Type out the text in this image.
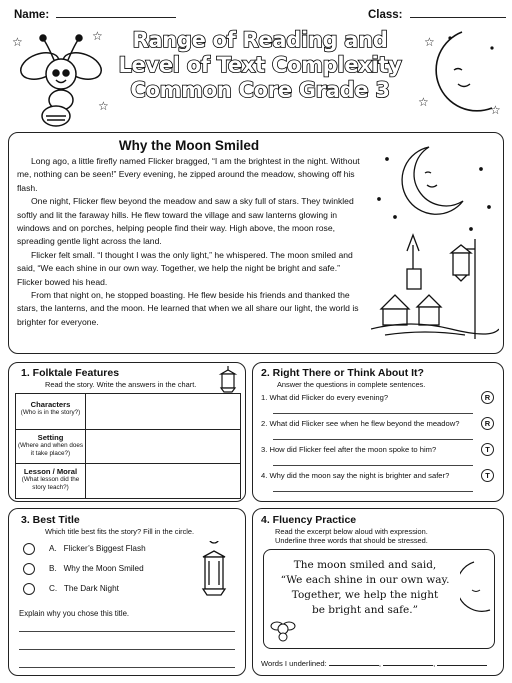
Name:	Class:
☆	☆
☆
☆
☆
☆
Range of Reading and
Level of Text Complexity
Common Core Grade 3
Why the Moon Smiled

Long ago, a little firefly named Flicker bragged, “I am the brightest in the night. Without me, nothing can be seen!” Every evening, he zipped around the meadow, showing off his flash.

One night, Flicker flew beyond the meadow and saw a sky full of stars. They twinkled softly and lit the faraway hills. He flew toward the village and saw lanterns glowing in windows and on porches, helping people find their way. High above, the moon rose, spreading gentle light across the land.

Flicker felt small. “I thought I was the only light,” he whispered. The moon smiled and said, “We each shine in our own way. Together, we help the night be bright and safe.” Flicker bowed his head.

From that night on, he stopped boasting. He flew beside his friends and thanked the stars, the lanterns, and the moon. He learned that when we all share our light, the world is brighter for everyone.

1. Folktale Features
Read the story. Write the answers in the chart.
Characters
(Who is in the story?)
Setting
(Where and when does it take place?)
Lesson / Moral
(What lesson did the story teach?)
2. Right There or Think About It?
Answer the questions in complete sentences.
1. What did Flicker do every evening?	R
2. What did Flicker see when he flew beyond the meadow?	R
3. How did Flicker feel after the moon spoke to him?	T
4. Why did the moon say the night is brighter and safer?	T
3. Best Title
Which title best fits the story? Fill in the circle.
A. Flicker’s Biggest Flash
B. Why the Moon Smiled
C. The Dark Night
Explain why you chose this title.
4. Fluency Practice
Read the excerpt below aloud with expression.
Underline three words that should be stressed.
The moon smiled and said,
“We each shine in our own way.
Together, we help the night
be bright and safe.”
Words I underlined:	,	,
